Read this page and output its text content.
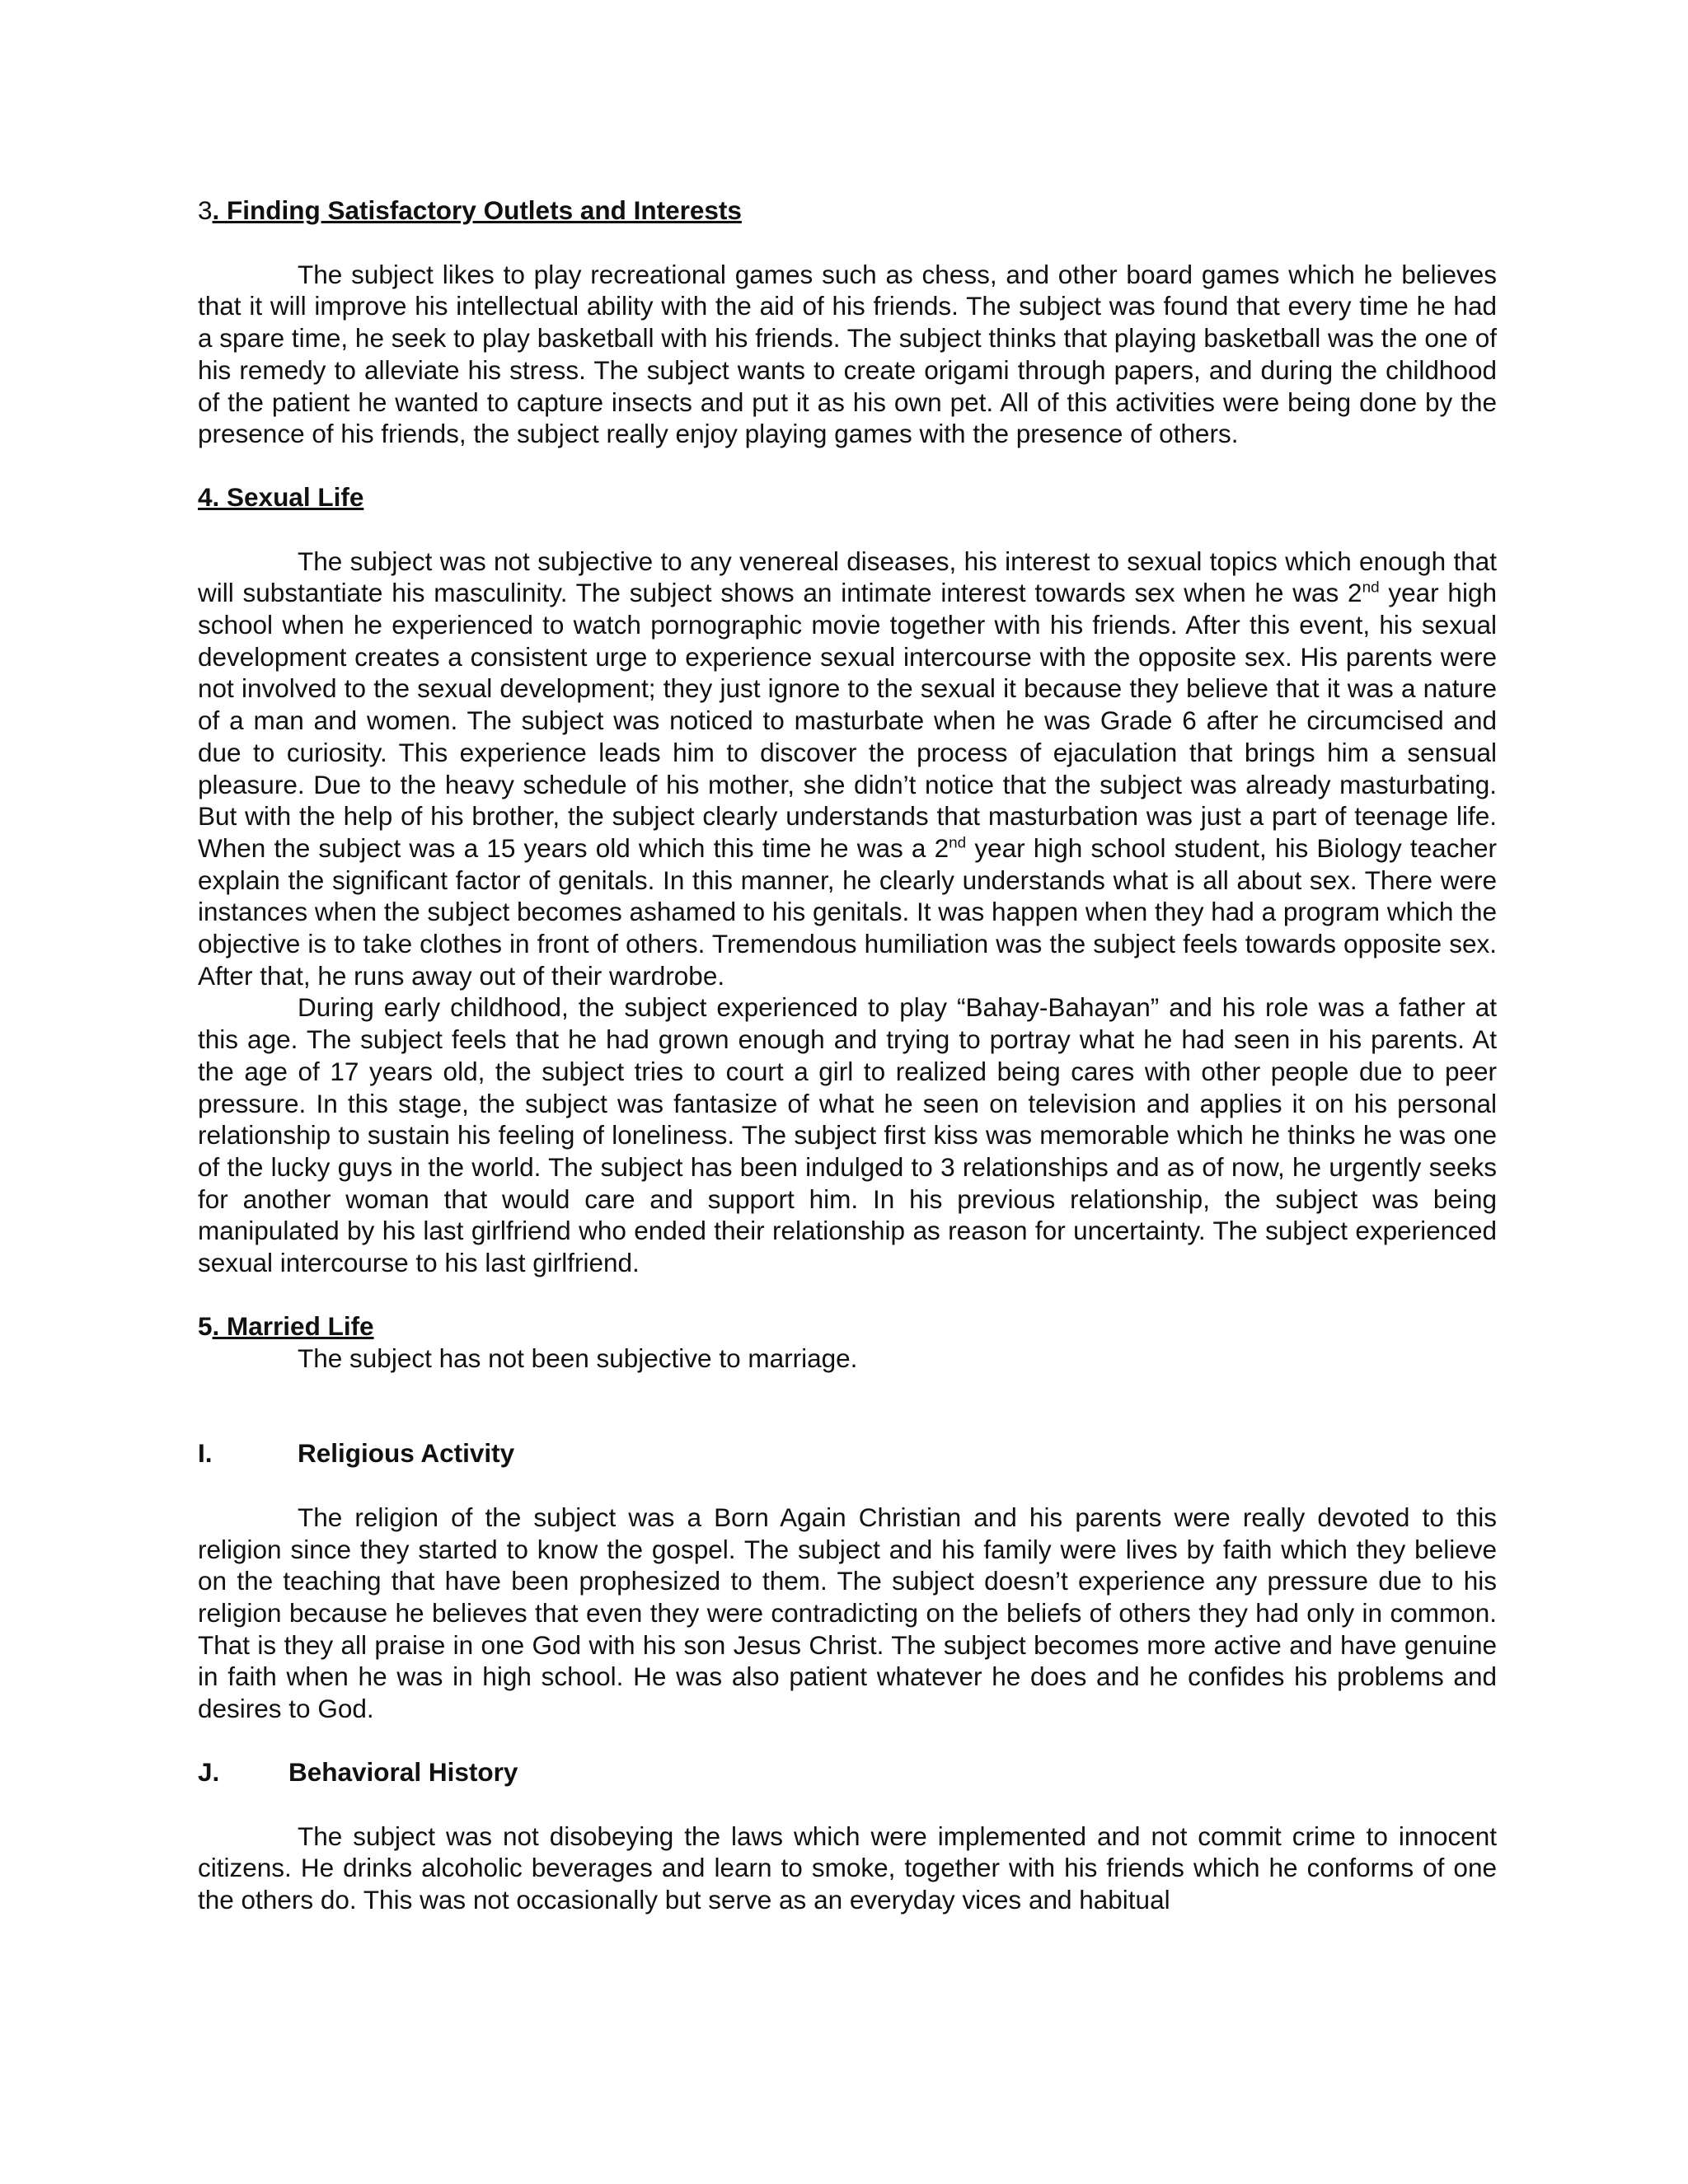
3. Finding Satisfactory Outlets and Interests

The subject likes to play recreational games such as chess, and other board games which he believes that it will improve his intellectual ability with the aid of his friends. The subject was found that every time he had a spare time, he seek to play basketball with his friends. The subject thinks that playing basketball was the one of his remedy to alleviate his stress. The subject wants to create origami through papers, and during the childhood of the patient he wanted to capture insects and put it as his own pet. All of this activities were being done by the presence of his friends, the subject really enjoy playing games with the presence of others.

4. Sexual Life

The subject was not subjective to any venereal diseases, his interest to sexual topics which enough that will substantiate his masculinity. The subject shows an intimate interest towards sex when he was 2nd year high school when he experienced to watch pornographic movie together with his friends. After this event, his sexual development creates a consistent urge to experience sexual intercourse with the opposite sex. His parents were not involved to the sexual development; they just ignore to the sexual it because they believe that it was a nature of a man and women. The subject was noticed to masturbate when he was Grade 6 after he circumcised and due to curiosity. This experience leads him to discover the process of ejaculation that brings him a sensual pleasure. Due to the heavy schedule of his mother, she didn’t notice that the subject was already masturbating. But with the help of his brother, the subject clearly understands that masturbation was just a part of teenage life. When the subject was a 15 years old which this time he was a 2nd year high school student, his Biology teacher explain the significant factor of genitals. In this manner, he clearly understands what is all about sex. There were instances when the subject becomes ashamed to his genitals. It was happen when they had a program which the objective is to take clothes in front of others. Tremendous humiliation was the subject feels towards opposite sex. After that, he runs away out of their wardrobe.

During early childhood, the subject experienced to play “Bahay-Bahayan” and his role was a father at this age. The subject feels that he had grown enough and trying to portray what he had seen in his parents. At the age of 17 years old, the subject tries to court a girl to realized being cares with other people due to peer pressure. In this stage, the subject was fantasize of what he seen on television and applies it on his personal relationship to sustain his feeling of loneliness. The subject first kiss was memorable which he thinks he was one of the lucky guys in the world. The subject has been indulged to 3 relationships and as of now, he urgently seeks for another woman that would care and support him. In his previous relationship, the subject was being manipulated by his last girlfriend who ended their relationship as reason for uncertainty. The subject experienced sexual intercourse to his last girlfriend.

5. Married Life

The subject has not been subjective to marriage.

I.	Religious Activity

The religion of the subject was a Born Again Christian and his parents were really devoted to this religion since they started to know the gospel. The subject and his family were lives by faith which they believe on the teaching that have been prophesized to them. The subject doesn’t experience any pressure due to his religion because he believes that even they were contradicting on the beliefs of others they had only in common. That is they all praise in one God with his son Jesus Christ. The subject becomes more active and have genuine in faith when he was in high school. He was also patient whatever he does and he confides his problems and desires to God.

J.	Behavioral History

The subject was not disobeying the laws which were implemented and not commit crime to innocent citizens. He drinks alcoholic beverages and learn to smoke, together with his friends which he conforms of one the others do. This was not occasionally but serve as an everyday vices and habitual
